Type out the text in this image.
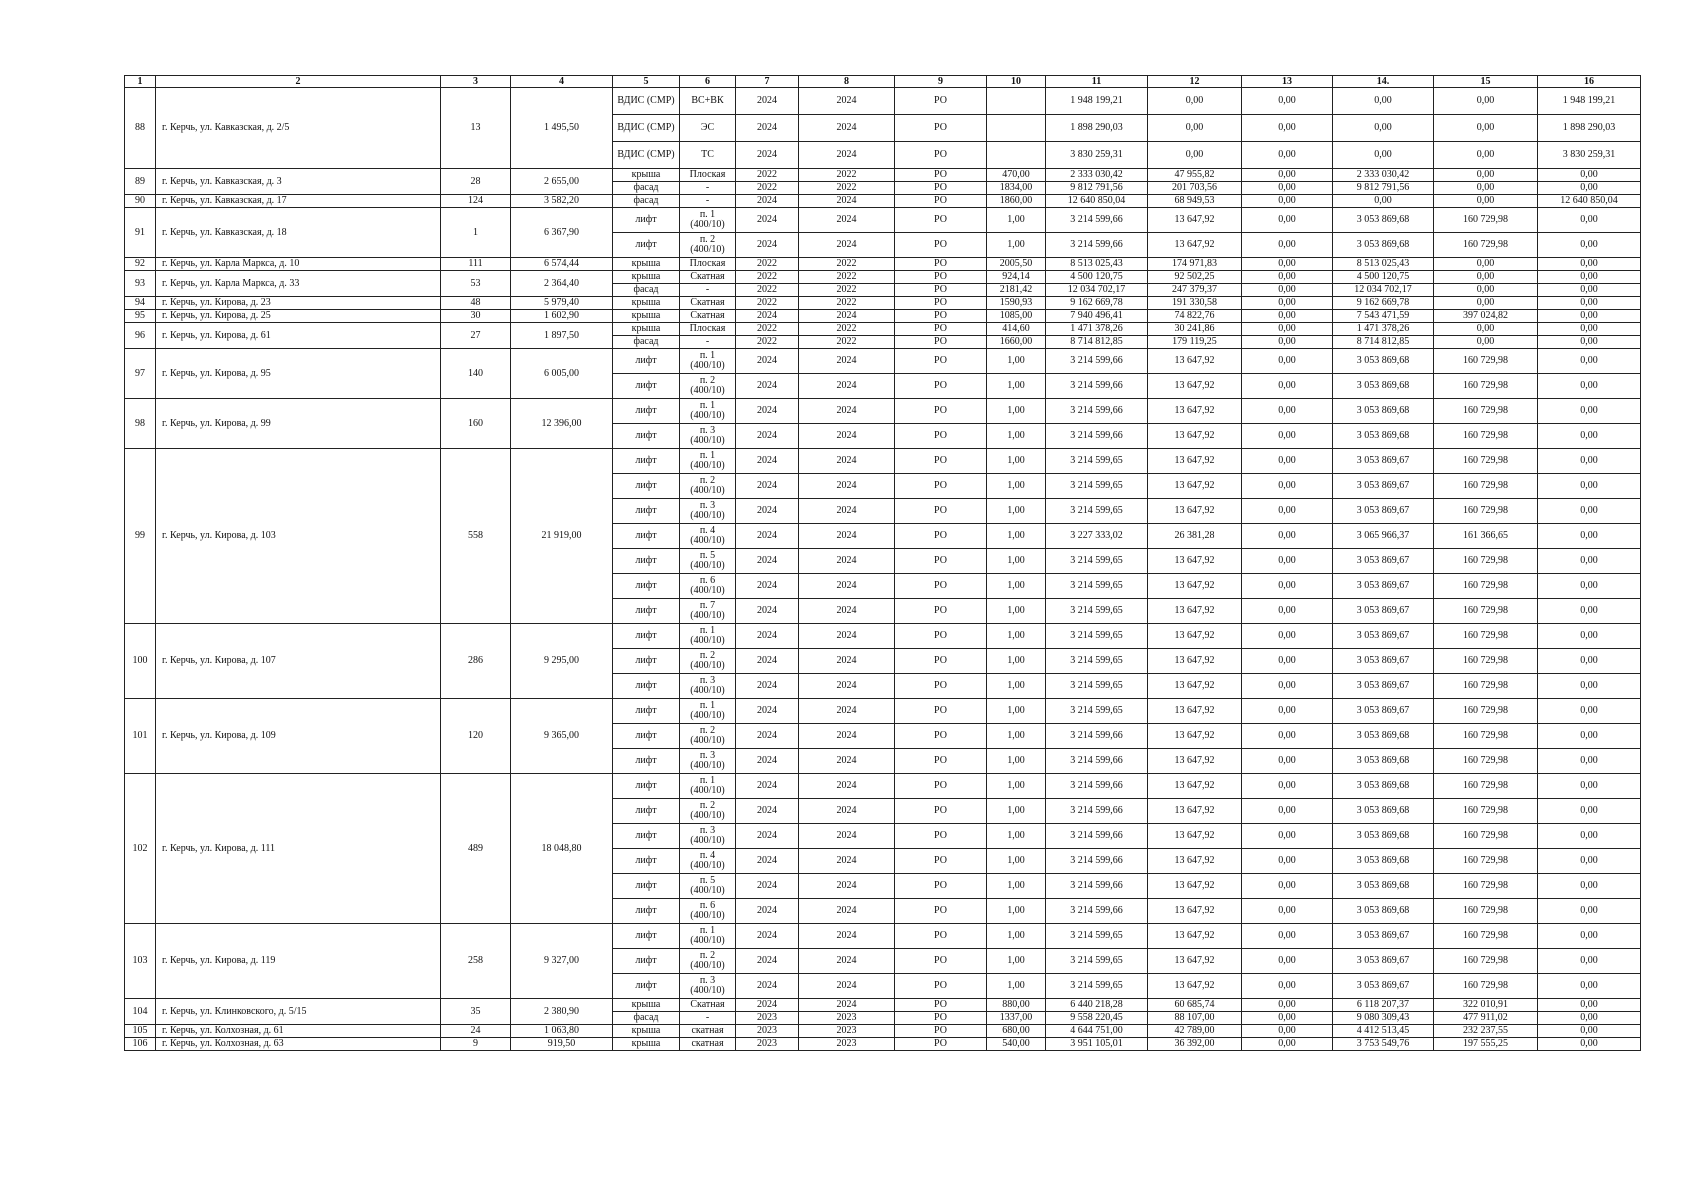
1	2	3	4	5	6	7	8	9	10	11	12	13	14.	15	16
88	г. Керчь, ул. Кавказская, д. 2/5	13	1 495,50	ВДИС (СМР)	ВС+ВК	2024	2024	РО		1 948 199,21	0,00	0,00	0,00	0,00	1 948 199,21
				ВДИС (СМР)	ЭС	2024	2024	РО		1 898 290,03	0,00	0,00	0,00	0,00	1 898 290,03
				ВДИС (СМР)	ТС	2024	2024	РО		3 830 259,31	0,00	0,00	0,00	0,00	3 830 259,31
89	г. Керчь, ул. Кавказская, д. 3	28	2 655,00	крыша	Плоская	2022	2022	РО	470,00	2 333 030,42	47 955,82	0,00	2 333 030,42	0,00	0,00
				фасад	-	2022	2022	РО	1834,00	9 812 791,56	201 703,56	0,00	9 812 791,56	0,00	0,00
90	г. Керчь, ул. Кавказская, д. 17	124	3 582,20	фасад	-	2024	2024	РО	1860,00	12 640 850,04	68 949,53	0,00	0,00	0,00	12 640 850,04
91	г. Керчь, ул. Кавказская, д. 18	1	6 367,90	лифт	п. 1 (400/10)	2024	2024	РО	1,00	3 214 599,66	13 647,92	0,00	3 053 869,68	160 729,98	0,00
				лифт	п. 2 (400/10)	2024	2024	РО	1,00	3 214 599,66	13 647,92	0,00	3 053 869,68	160 729,98	0,00
92	г. Керчь, ул. Карла Маркса, д. 10	111	6 574,44	крыша	Плоская	2022	2022	РО	2005,50	8 513 025,43	174 971,83	0,00	8 513 025,43	0,00	0,00
93	г. Керчь, ул. Карла Маркса, д. 33	53	2 364,40	крыша	Скатная	2022	2022	РО	924,14	4 500 120,75	92 502,25	0,00	4 500 120,75	0,00	0,00
				фасад	-	2022	2022	РО	2181,42	12 034 702,17	247 379,37	0,00	12 034 702,17	0,00	0,00
94	г. Керчь, ул. Кирова, д. 23	48	5 979,40	крыша	Скатная	2022	2022	РО	1590,93	9 162 669,78	191 330,58	0,00	9 162 669,78	0,00	0,00
95	г. Керчь, ул. Кирова, д. 25	30	1 602,90	крыша	Скатная	2024	2024	РО	1085,00	7 940 496,41	74 822,76	0,00	7 543 471,59	397 024,82	0,00
96	г. Керчь, ул. Кирова, д. 61	27	1 897,50	крыша	Плоская	2022	2022	РО	414,60	1 471 378,26	30 241,86	0,00	1 471 378,26	0,00	0,00
				фасад	-	2022	2022	РО	1660,00	8 714 812,85	179 119,25	0,00	8 714 812,85	0,00	0,00
97	г. Керчь, ул. Кирова, д. 95	140	6 005,00	лифт	п. 1 (400/10)	2024	2024	РО	1,00	3 214 599,66	13 647,92	0,00	3 053 869,68	160 729,98	0,00
				лифт	п. 2 (400/10)	2024	2024	РО	1,00	3 214 599,66	13 647,92	0,00	3 053 869,68	160 729,98	0,00
98	г. Керчь, ул. Кирова, д. 99	160	12 396,00	лифт	п. 1 (400/10)	2024	2024	РО	1,00	3 214 599,66	13 647,92	0,00	3 053 869,68	160 729,98	0,00
				лифт	п. 3 (400/10)	2024	2024	РО	1,00	3 214 599,66	13 647,92	0,00	3 053 869,68	160 729,98	0,00
99	г. Керчь, ул. Кирова, д. 103	558	21 919,00	лифт	п. 1 (400/10)	2024	2024	РО	1,00	3 214 599,65	13 647,92	0,00	3 053 869,67	160 729,98	0,00
				лифт	п. 2 (400/10)	2024	2024	РО	1,00	3 214 599,65	13 647,92	0,00	3 053 869,67	160 729,98	0,00
				лифт	п. 3 (400/10)	2024	2024	РО	1,00	3 214 599,65	13 647,92	0,00	3 053 869,67	160 729,98	0,00
				лифт	п. 4 (400/10)	2024	2024	РО	1,00	3 227 333,02	26 381,28	0,00	3 065 966,37	161 366,65	0,00
				лифт	п. 5 (400/10)	2024	2024	РО	1,00	3 214 599,65	13 647,92	0,00	3 053 869,67	160 729,98	0,00
				лифт	п. 6 (400/10)	2024	2024	РО	1,00	3 214 599,65	13 647,92	0,00	3 053 869,67	160 729,98	0,00
				лифт	п. 7 (400/10)	2024	2024	РО	1,00	3 214 599,65	13 647,92	0,00	3 053 869,67	160 729,98	0,00
100	г. Керчь, ул. Кирова, д. 107	286	9 295,00	лифт	п. 1 (400/10)	2024	2024	РО	1,00	3 214 599,65	13 647,92	0,00	3 053 869,67	160 729,98	0,00
				лифт	п. 2 (400/10)	2024	2024	РО	1,00	3 214 599,65	13 647,92	0,00	3 053 869,67	160 729,98	0,00
				лифт	п. 3 (400/10)	2024	2024	РО	1,00	3 214 599,65	13 647,92	0,00	3 053 869,67	160 729,98	0,00
101	г. Керчь, ул. Кирова, д. 109	120	9 365,00	лифт	п. 1 (400/10)	2024	2024	РО	1,00	3 214 599,65	13 647,92	0,00	3 053 869,67	160 729,98	0,00
				лифт	п. 2 (400/10)	2024	2024	РО	1,00	3 214 599,66	13 647,92	0,00	3 053 869,68	160 729,98	0,00
				лифт	п. 3 (400/10)	2024	2024	РО	1,00	3 214 599,66	13 647,92	0,00	3 053 869,68	160 729,98	0,00
102	г. Керчь, ул. Кирова, д. 111	489	18 048,80	лифт	п. 1 (400/10)	2024	2024	РО	1,00	3 214 599,66	13 647,92	0,00	3 053 869,68	160 729,98	0,00
				лифт	п. 2 (400/10)	2024	2024	РО	1,00	3 214 599,66	13 647,92	0,00	3 053 869,68	160 729,98	0,00
				лифт	п. 3 (400/10)	2024	2024	РО	1,00	3 214 599,66	13 647,92	0,00	3 053 869,68	160 729,98	0,00
				лифт	п. 4 (400/10)	2024	2024	РО	1,00	3 214 599,66	13 647,92	0,00	3 053 869,68	160 729,98	0,00
				лифт	п. 5 (400/10)	2024	2024	РО	1,00	3 214 599,66	13 647,92	0,00	3 053 869,68	160 729,98	0,00
				лифт	п. 6 (400/10)	2024	2024	РО	1,00	3 214 599,66	13 647,92	0,00	3 053 869,68	160 729,98	0,00
103	г. Керчь, ул. Кирова, д. 119	258	9 327,00	лифт	п. 1 (400/10)	2024	2024	РО	1,00	3 214 599,65	13 647,92	0,00	3 053 869,67	160 729,98	0,00
				лифт	п. 2 (400/10)	2024	2024	РО	1,00	3 214 599,65	13 647,92	0,00	3 053 869,67	160 729,98	0,00
				лифт	п. 3 (400/10)	2024	2024	РО	1,00	3 214 599,65	13 647,92	0,00	3 053 869,67	160 729,98	0,00
104	г. Керчь, ул. Клинковского, д. 5/15	35	2 380,90	крыша	Скатная	2024	2024	РО	880,00	6 440 218,28	60 685,74	0,00	6 118 207,37	322 010,91	0,00
				фасад	-	2023	2023	РО	1337,00	9 558 220,45	88 107,00	0,00	9 080 309,43	477 911,02	0,00
105	г. Керчь, ул. Колхозная, д. 61	24	1 063,80	крыша	скатная	2023	2023	РО	680,00	4 644 751,00	42 789,00	0,00	4 412 513,45	232 237,55	0,00
106	г. Керчь, ул. Колхозная, д. 63	9	919,50	крыша	скатная	2023	2023	РО	540,00	3 951 105,01	36 392,00	0,00	3 753 549,76	197 555,25	0,00
